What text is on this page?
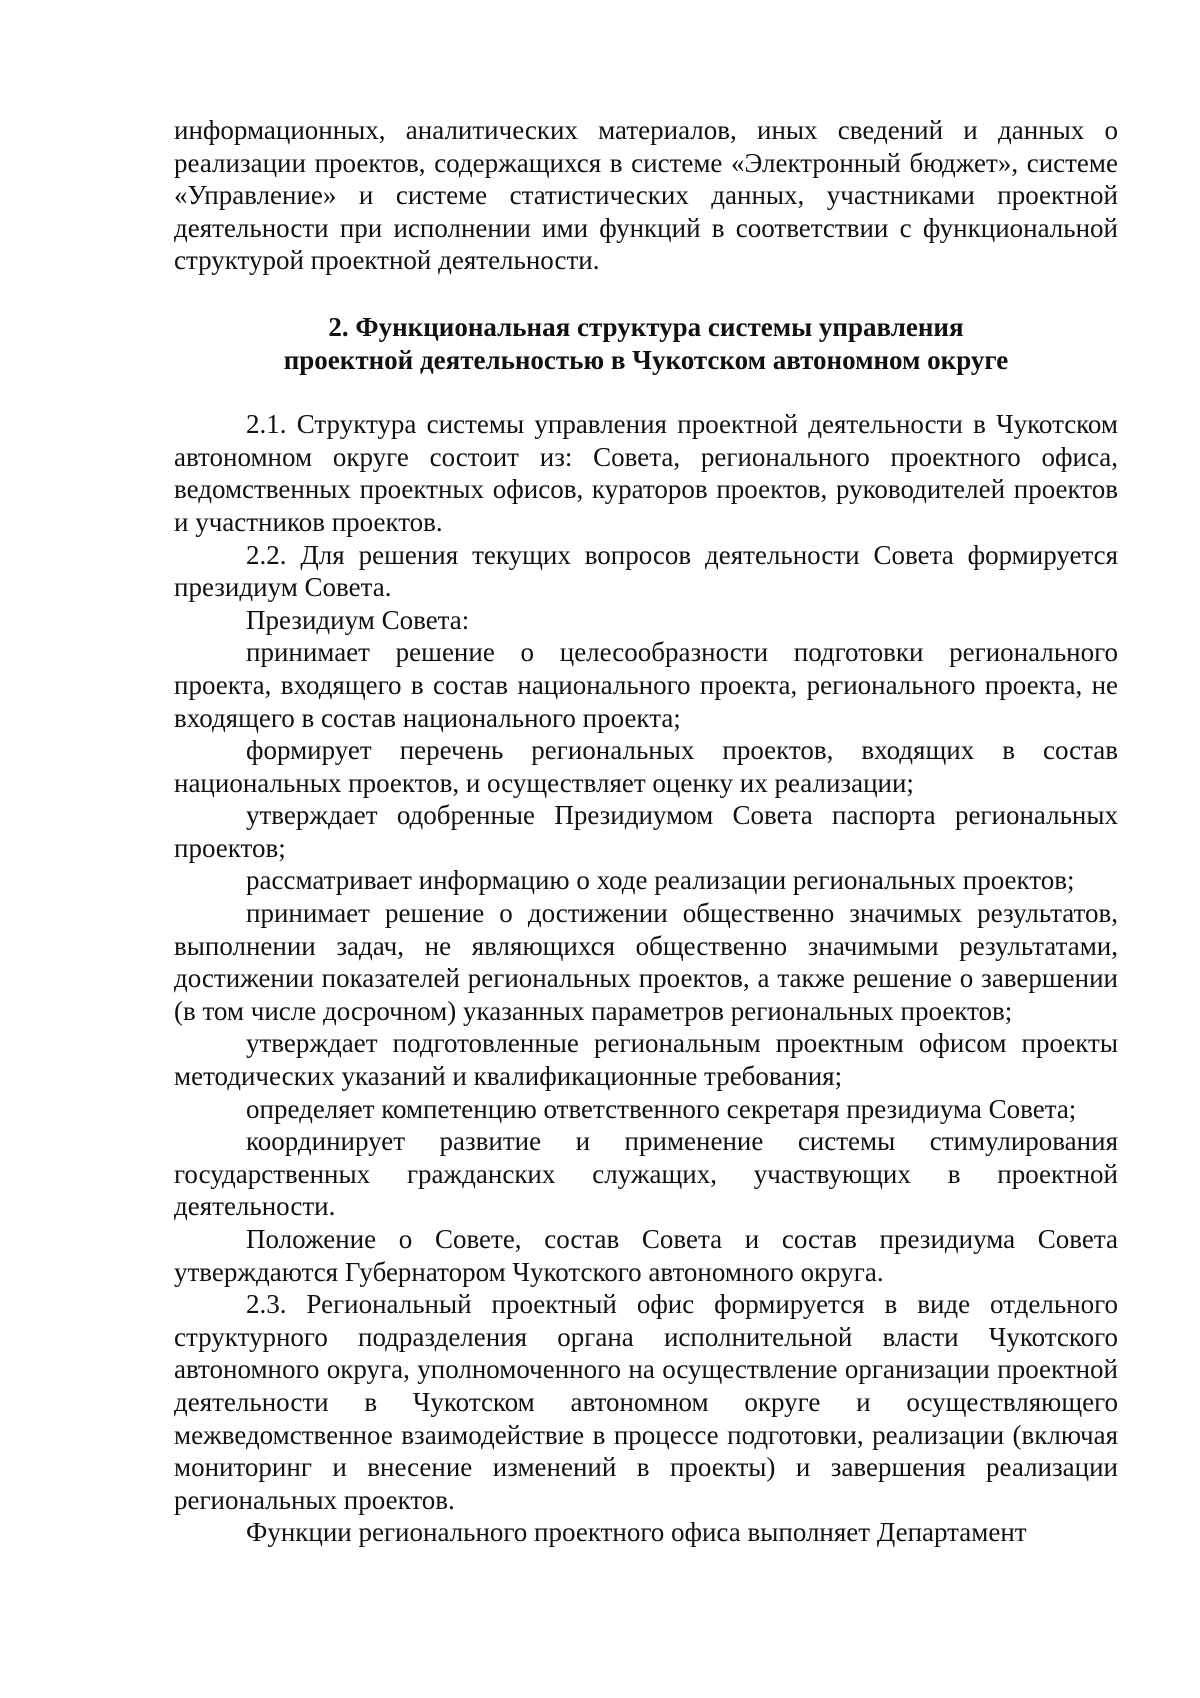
информационных, аналитических материалов, иных сведений и данных о реализации проектов, содержащихся в системе «Электронный бюджет», системе «Управление» и системе статистических данных, участниками проектной деятельности при исполнении ими функций в соответствии с функциональной структурой проектной деятельности.

2. Функциональная структура системы управления

проектной деятельностью в Чукотском автономном округе

2.1. Структура системы управления проектной деятельности в Чукотском автономном округе состоит из: Совета, регионального проектного офиса, ведомственных проектных офисов, кураторов проектов, руководителей проектов и участников проектов.

2.2. Для решения текущих вопросов деятельности Совета формируется президиум Совета.

Президиум Совета:

принимает решение о целесообразности подготовки регионального проекта, входящего в состав национального проекта, регионального проекта, не входящего в состав национального проекта;

формирует перечень региональных проектов, входящих в состав национальных проектов, и осуществляет оценку их реализации;

утверждает одобренные Президиумом Совета паспорта региональных проектов;

рассматривает информацию о ходе реализации региональных проектов;

принимает решение о достижении общественно значимых результатов, выполнении задач, не являющихся общественно значимыми результатами, достижении показателей региональных проектов, а также решение о завершении (в том числе досрочном) указанных параметров региональных проектов;

утверждает подготовленные региональным проектным офисом проекты методических указаний и квалификационные требования;

определяет компетенцию ответственного секретаря президиума Совета;

координирует развитие и применение системы стимулирования государственных гражданских служащих, участвующих в проектной деятельности.

Положение о Совете, состав Совета и состав президиума Совета утверждаются Губернатором Чукотского автономного округа.

2.3. Региональный проектный офис формируется в виде отдельного структурного подразделения органа исполнительной власти Чукотского автономного округа, уполномоченного на осуществление организации проектной деятельности в Чукотском автономном округе и осуществляющего межведомственное взаимодействие в процессе подготовки, реализации (включая мониторинг и внесение изменений в проекты) и завершения реализации региональных проектов.

Функции регионального проектного офиса выполняет Департамент
